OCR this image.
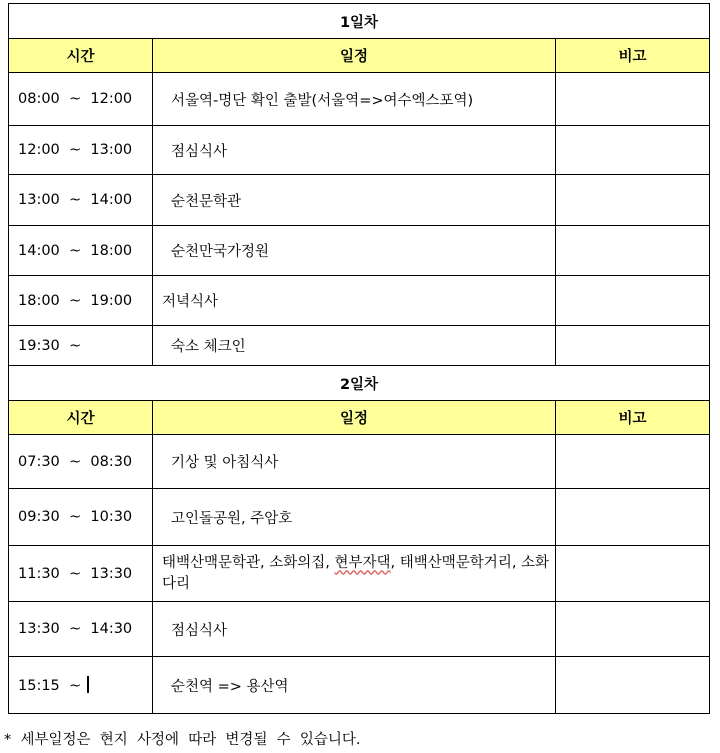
1일차		
시간	일정	비고
08:00  ~  12:00	서울역-명단 확인 출발(서울역=>여수엑스포역)	
12:00  ~  13:00	점심식사	
13:00  ~  14:00	순천문학관	
14:00  ~  18:00	순천만국가정원	
18:00  ~  19:00	저녁식사	
19:30  ~	숙소 체크인	
2일차		
시간	일정	비고
07:30  ~  08:30	기상 및 아침식사	
09:30  ~  10:30	고인돌공원, 주암호	
11:30  ~  13:30	태백산맥문학관, 소화의집, 현부자댁, 태백산맥문학거리, 소화다리	
13:30  ~  14:30	점심식사	
15:15  ~	순천역 => 용산역	
*  세부일정은  현지  사정에  따라  변경될  수  있습니다.
